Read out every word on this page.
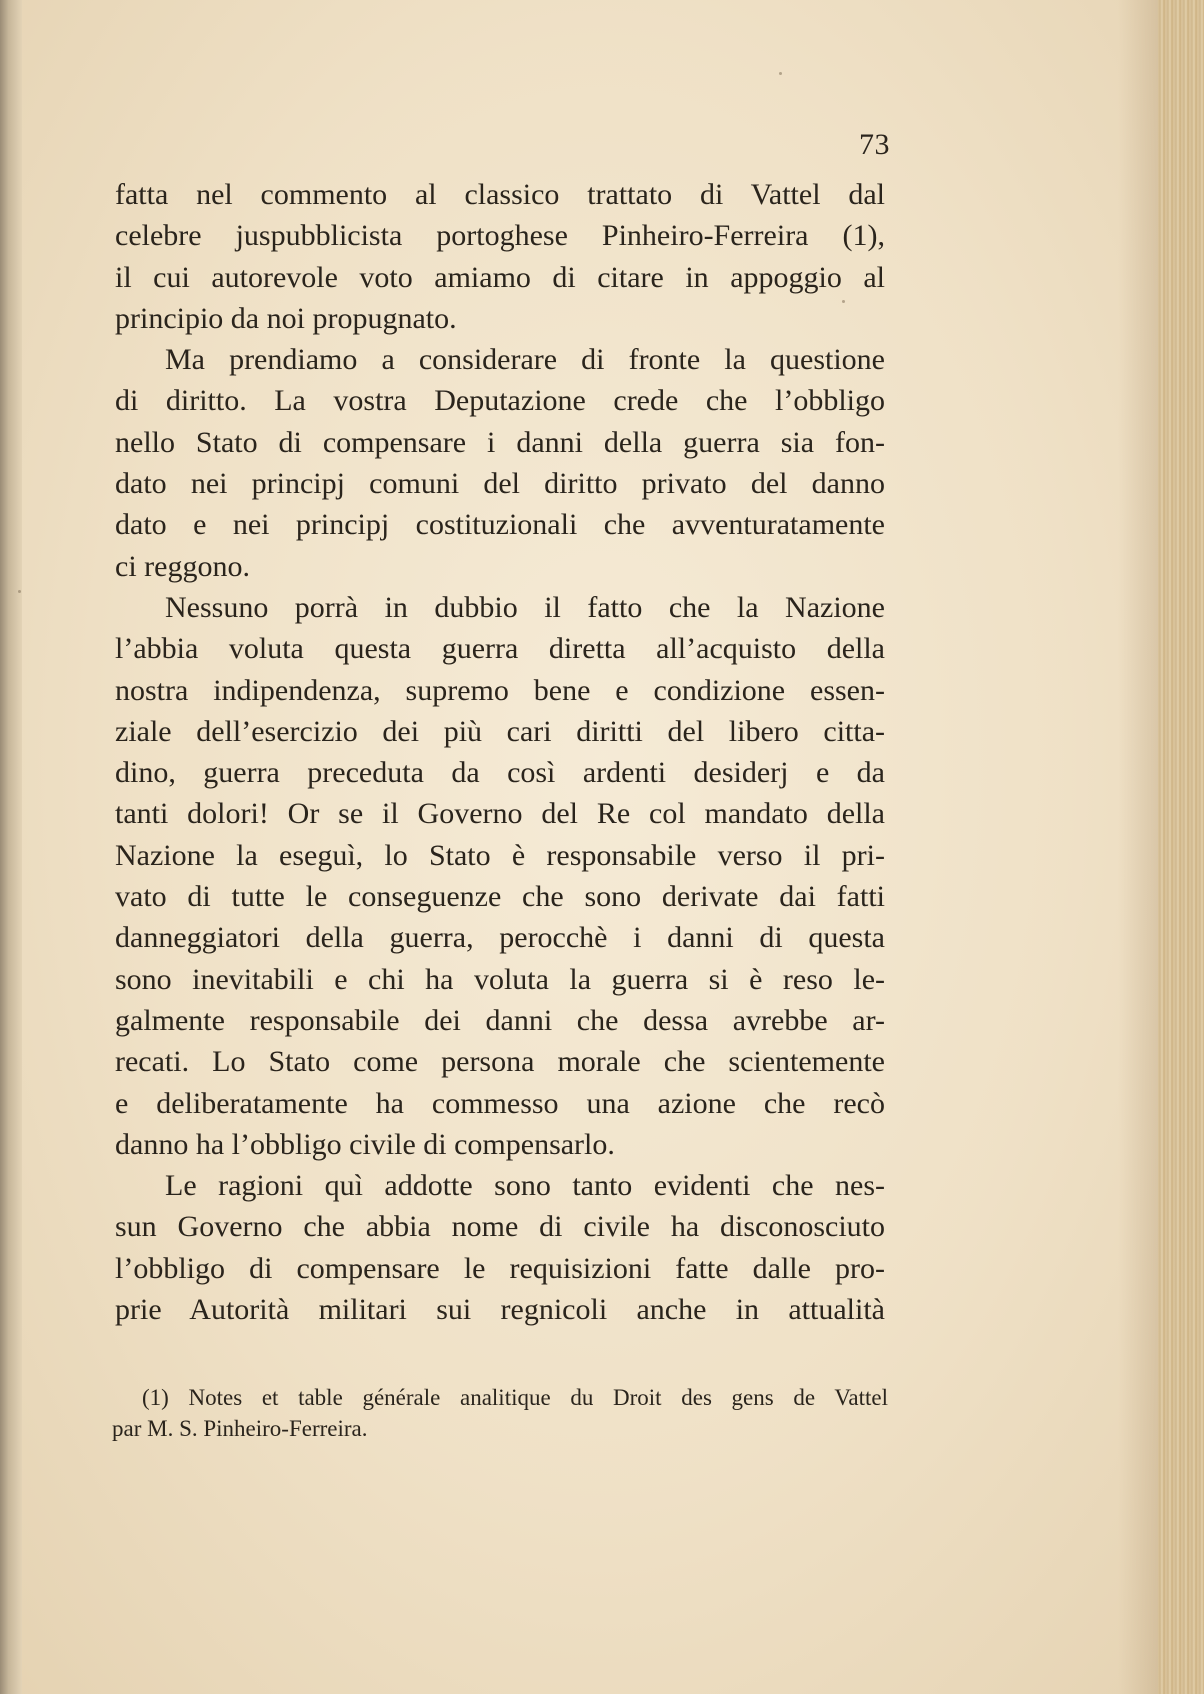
73
fatta nel commento al classico trattato di Vattel dal
celebre juspubblicista portoghese Pinheiro-Ferreira (1),
il cui autorevole voto amiamo di citare in appoggio al
principio da noi propugnato.
Ma prendiamo a considerare di fronte la questione
di diritto. La vostra Deputazione crede che l’obbligo
nello Stato di compensare i danni della guerra sia fon-
dato nei principj comuni del diritto privato del danno
dato e nei principj costituzionali che avventuratamente
ci reggono.
Nessuno porrà in dubbio il fatto che la Nazione
l’abbia voluta questa guerra diretta all’acquisto della
nostra indipendenza, supremo bene e condizione essen-
ziale dell’esercizio dei più cari diritti del libero citta-
dino, guerra preceduta da così ardenti desiderj e da
tanti dolori! Or se il Governo del Re col mandato della
Nazione la eseguì, lo Stato è responsabile verso il pri-
vato di tutte le conseguenze che sono derivate dai fatti
danneggiatori della guerra, perocchè i danni di questa
sono inevitabili e chi ha voluta la guerra si è reso le-
galmente responsabile dei danni che dessa avrebbe ar-
recati. Lo Stato come persona morale che scientemente
e deliberatamente ha commesso una azione che recò
danno ha l’obbligo civile di compensarlo.
Le ragioni quì addotte sono tanto evidenti che nes-
sun Governo che abbia nome di civile ha disconosciuto
l’obbligo di compensare le requisizioni fatte dalle pro-
prie Autorità militari sui regnicoli anche in attualità
(1) Notes et table générale analitique du Droit des gens de Vattel
par M. S. Pinheiro-Ferreira.
